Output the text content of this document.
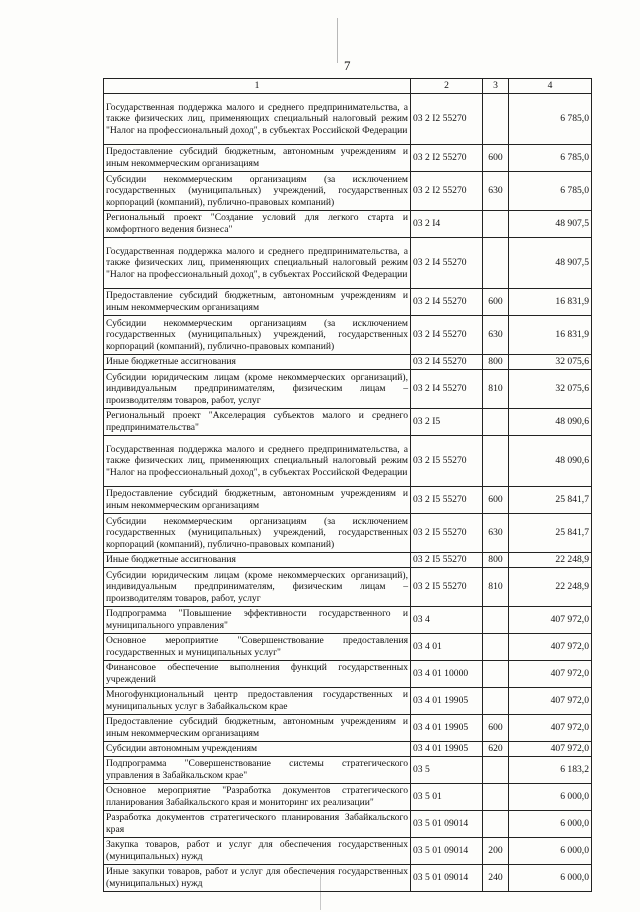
7
1	2	3	4
Государственная поддержка малого и среднего предпринимательства, а также физических лиц, применяющих специальный налоговый режим "Налог на профессиональный доход", в субъектах Российской Федерации	03 2 I2 55270		6 785,0
Предоставление субсидий бюджетным, автономным учреждениям и иным некоммерческим организациям	03 2 I2 55270	600	6 785,0
Субсидии некоммерческим организациям (за исключением государственных (муниципальных) учреждений, государственных корпораций (компаний), публично-правовых компаний)	03 2 I2 55270	630	6 785,0
Региональный проект "Создание условий для легкого старта и комфортного ведения бизнеса"	03 2 I4		48 907,5
Государственная поддержка малого и среднего предпринимательства, а также физических лиц, применяющих специальный налоговый режим "Налог на профессиональный доход", в субъектах Российской Федерации	03 2 I4 55270		48 907,5
Предоставление субсидий бюджетным, автономным учреждениям и иным некоммерческим организациям	03 2 I4 55270	600	16 831,9
Субсидии некоммерческим организациям (за исключением государственных (муниципальных) учреждений, государственных корпораций (компаний), публично-правовых компаний)	03 2 I4 55270	630	16 831,9
Иные бюджетные ассигнования	03 2 I4 55270	800	32 075,6
Субсидии юридическим лицам (кроме некоммерческих организаций), индивидуальным предпринимателям, физическим лицам – производителям товаров, работ, услуг	03 2 I4 55270	810	32 075,6
Региональный проект "Акселерация субъектов малого и среднего предпринимательства"	03 2 I5		48 090,6
Государственная поддержка малого и среднего предпринимательства, а также физических лиц, применяющих специальный налоговый режим "Налог на профессиональный доход", в субъектах Российской Федерации	03 2 I5 55270		48 090,6
Предоставление субсидий бюджетным, автономным учреждениям и иным некоммерческим организациям	03 2 I5 55270	600	25 841,7
Субсидии некоммерческим организациям (за исключением государственных (муниципальных) учреждений, государственных корпораций (компаний), публично-правовых компаний)	03 2 I5 55270	630	25 841,7
Иные бюджетные ассигнования	03 2 I5 55270	800	22 248,9
Субсидии юридическим лицам (кроме некоммерческих организаций), индивидуальным предпринимателям, физическим лицам – производителям товаров, работ, услуг	03 2 I5 55270	810	22 248,9
Подпрограмма "Повышение эффективности государственного и муниципального управления"	03 4		407 972,0
Основное мероприятие "Совершенствование предоставления государственных и муниципальных услуг"	03 4 01		407 972,0
Финансовое обеспечение выполнения функций государственных учреждений	03 4 01 10000		407 972,0
Многофункциональный центр предоставления государственных и муниципальных услуг в Забайкальском крае	03 4 01 19905		407 972,0
Предоставление субсидий бюджетным, автономным учреждениям и иным некоммерческим организациям	03 4 01 19905	600	407 972,0
Субсидии автономным учреждениям	03 4 01 19905	620	407 972,0
Подпрограмма "Совершенствование системы стратегического управления в Забайкальском крае"	03 5		6 183,2
Основное мероприятие "Разработка документов стратегического планирования Забайкальского края и мониторинг их реализации"	03 5 01		6 000,0
Разработка документов стратегического планирования Забайкальского края	03 5 01 09014		6 000,0
Закупка товаров, работ и услуг для обеспечения государственных (муниципальных) нужд	03 5 01 09014	200	6 000,0
Иные закупки товаров, работ и услуг для обеспечения государственных (муниципальных) нужд	03 5 01 09014	240	6 000,0
